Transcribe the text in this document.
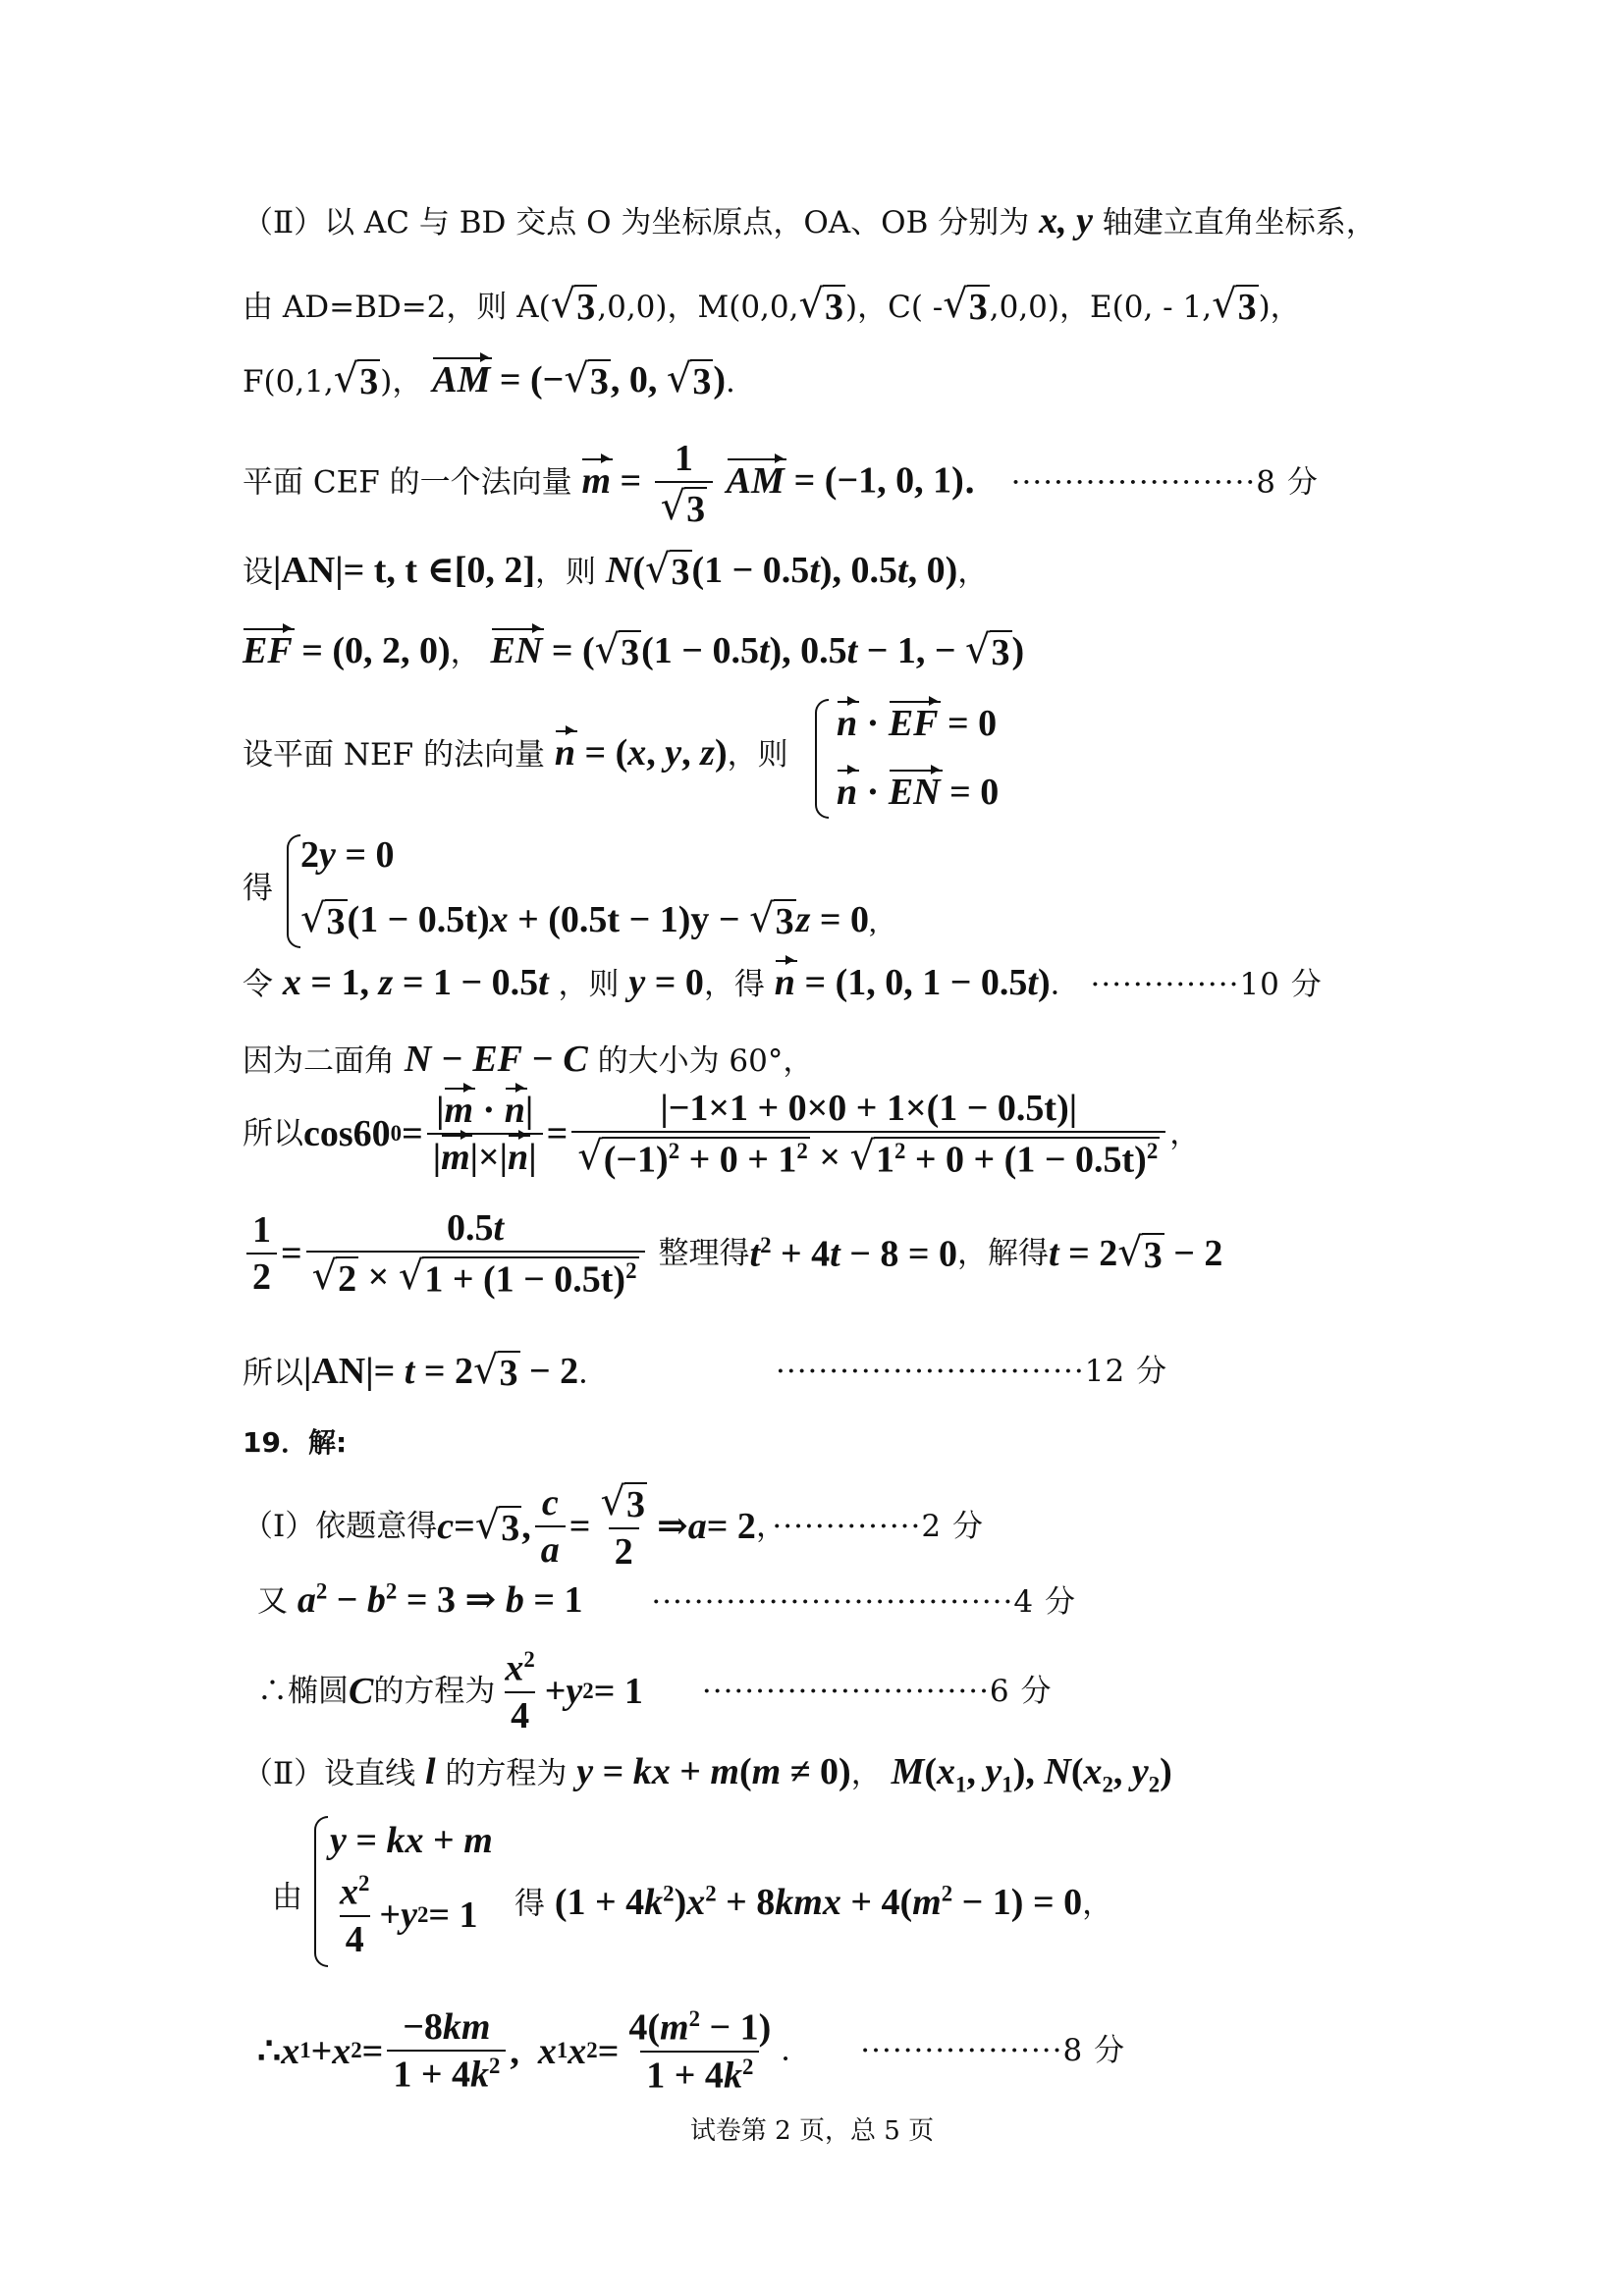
（Ⅱ）以 AC 与 BD 交点 O 为坐标原点，OA、OB 分别为 x, y 轴建立直角坐标系，
由 AD=BD=2，则 A( √ 3 ,0,0)，M(0,0, √ 3 )，C( - √ 3 ,0,0)，E(0, - 1, √ 3 )，
F(0,1, √ 3 )， AM = (− √ 3 , 0, √ 3 ).
平面 CEF 的一个法向量 $m = \frac{1}{√ 3}$ AM = (−1, 0, 1)． ·······················8 分
设|AN|= t, t ∈[0, 2]，则 N( √ 3 (1 − 0.5t), 0.5t, 0)，
EF = (0, 2, 0)， EN = ( √ 3 (1 − 0.5t), 0.5t − 1, − √ 3 )
设平面 NEF 的法向量 n = (x, y, z)，则
n · EF = 0
n · EN = 0
得
2y = 0
√ 3 (1 − 0.5t)x + (0.5t − 1)y − √ 3 z = 0,
令 x = 1, z = 1 − 0.5t ，则 y = 0，得 n = (1, 0, 1 − 0.5t)． ··············10 分
因为二面角 N − EF − C 的大小为 60°，
所以 cos60 $0 = \frac{|m \cdot n|}{|m|\times|n|} = \frac{|-1\times 1 + 0\times 0 + 1\times(1 - 0.5t)|}{√ (-1)^2 + 0 + 1^2 \times √ 1^2 + 0 + (1 - 0.5t)^2}$ ，
$\frac{1}{2} = \frac{0.5t}{√ 2 \times √ 1 + (1 - 0.5t)^2}$ 整理得 $t^2 + 4t - 8 = 0$ ，解得 t = 2 √ 3 − 2
所以|AN|= t = 2 √ 3 − 2．	·····························12 分
19．解:
（Ⅰ）依题意得 c = √ 3 , $\frac{c}{a} = \frac{√ 3}{2}$ ⇒ a = 2 ，··············2 分
又 $a^2 - b^2 = 3$ ⇒ b = 1 ··································4 分
∴椭圆 C 的方程为 $\frac{x^2}{4} + y$ 2 = 1 ···························6 分
（Ⅱ）设直线 l 的方程为 y = kx + m(m ≠ 0)， $M(x_1$, $y_1$), $N(x_2$, $y_2$)
由
y = kx + m
$\frac{x^2}{4} + y$ 2 = 1 得 $(1 + 4k^2)x^2 + 8kmx + 4(m^2 - 1) = 0$，
∴ x 1 + x $2 = \frac{-8km}{1 + 4k^2}$ , x 1 x $2 = \frac{4(m^2 - 1)}{1 + 4k^2}$ ． ···················8 分
试卷第 2 页，总 5 页
